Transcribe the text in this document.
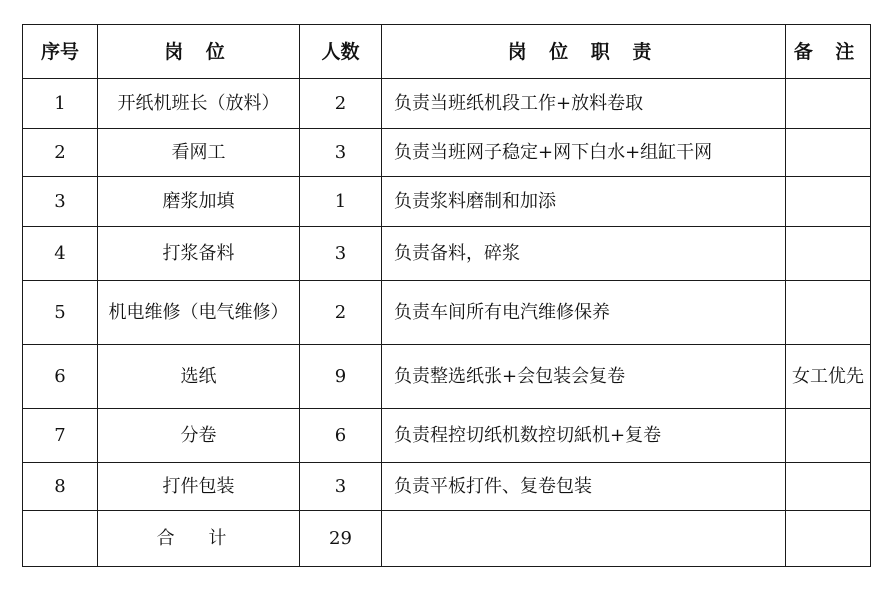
序号	岗 位	人数	岗 位 职 责	备 注
1	开纸机班长（放料）	2	负责当班纸机段工作+放料卷取	
2	看网工	3	负责当班网子稳定+网下白水+组缸干网	
3	磨浆加填	1	负责浆料磨制和加添	
4	打浆备料	3	负责备料，碎浆	
5	机电维修（电气维修）	2	负责车间所有电汽维修保养	
6	选纸	9	负责整选纸张+会包装会复卷	女工优先
7	分卷	6	负责程控切纸机数控切紙机+复卷	
8	打件包装	3	负责平板打件、复卷包装	
	合 计	29		
